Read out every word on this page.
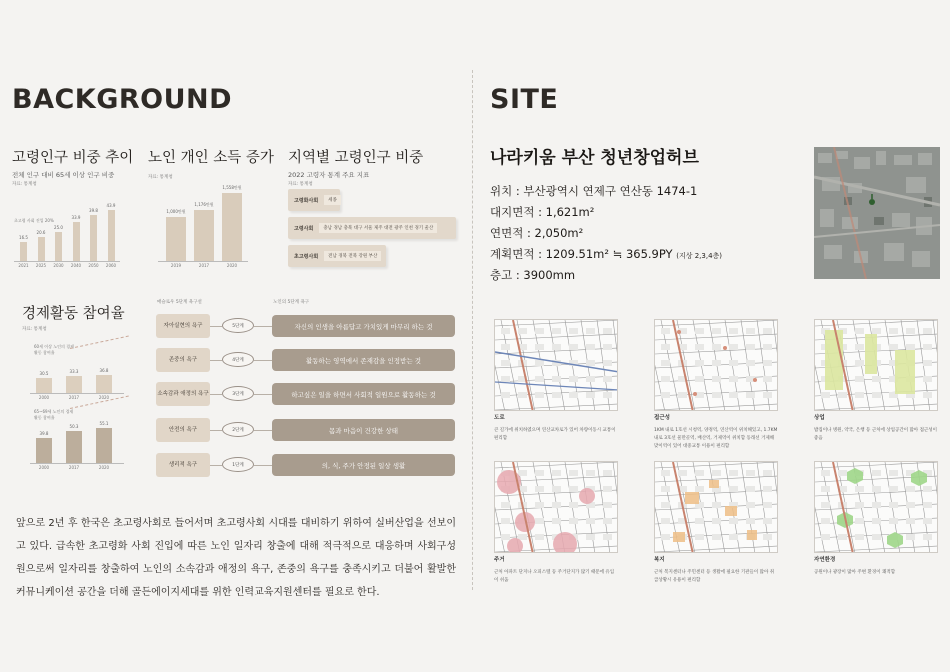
BACKGROUND
고령인구 비중 추이
전체 인구 대비 65세 이상 인구 비중
자료: 통계청
초고령 사회 진입 20%
16.5
2021
20.6
2025
25.0
2030
33.9
2040
39.8
2050
43.9
2060
노인 개인 소득 증가
자료: 통계청
1,000만원
2019
1,176만원
2017
1,558만원
2020
지역별 고령인구 비중
2022 고령자 통계 주요 지표
자료: 통계청
고령화사회	세종
고령사회	충남 경남 충북 대구 서울 제주 대전 광주 인천 경기 울산
초고령사회	전남 경북 전북 강원 부산
경제활동 참여율
자료: 통계청
60세 이상 노인의 경제활동 참여율
30.5
2000
33.3
2017
36.8
2020
65~69세 노인의 경제활동 참여율
39.8
2000
50.3
2017
55.1
2020
매슬로우 5단계 욕구설	노인의 5단계 욕구
자아실현의 욕구	5단계	자신의 인생을 아름답고 가치있게 마무리 하는 것
존중의 욕구	4단계	활동하는 영역에서 존재감을 인정받는 것
소속감과 애정의 욕구	3단계	하고싶은 일을 하면서 사회적 일원으로 활동하는 것
안전의 욕구	2단계	몸과 마음이 건강한 상태
생리적 욕구	1단계	의, 식, 주가 안정된 일상 생활
앞으로 2년 후 한국은 초고령사회로 들어서며 초고령사회 시대를 대비하기 위하여 실버산업을 선보이고 있다. 급속한 초고령화 사회 진입에 따른 노인 일자리 창출에 대해 적극적으로 대응하며 사회구성원으로써 일자리를 창출하여 노인의 소속감과 애정의 욕구, 존중의 욕구를 충족시키고 더불어 활발한 커뮤니케이션 공간을 더해 골든에이지세대를 위한 인력교육지원센터를 필요로 한다.
SITE
나라키움 부산 청년창업허브
위치 : 부산광역시 연제구 연산동 1474-1
대지면적 : 1,621m²
연면적 : 2,050m²
계획면적 : 1209.51m² ≒ 365.9PY (지상 2,3,4층)
층고 : 3900mm
도로
큰 길가에 위치하였으며 연산교차로가 있어 차량이동시 교통이 편리함
접근성
1KM 내로 1호선 시청역, 양정역, 연산역이 위치해있고, 1.7KM 내로 3호선 물만골역, 배산역, 거제역이 위치함 동래선 거제해맞이역이 있어 대중교통 이용이 편리함
상업
밥집이나 병원, 약국, 은행 등 근처에 상업공간이 많아 접근성이 좋음
주거
근처 아파트 단지나 오피스텔 등 주거단지가 많기 때문에 유입이 쉬움
복지
근처 복지센터나 주민센터 등 생활에 필요한 기관들이 많아 취급상황시 유용이 편리함
자연환경
공원이나 광장이 많아 주변 환경이 쾌적함
